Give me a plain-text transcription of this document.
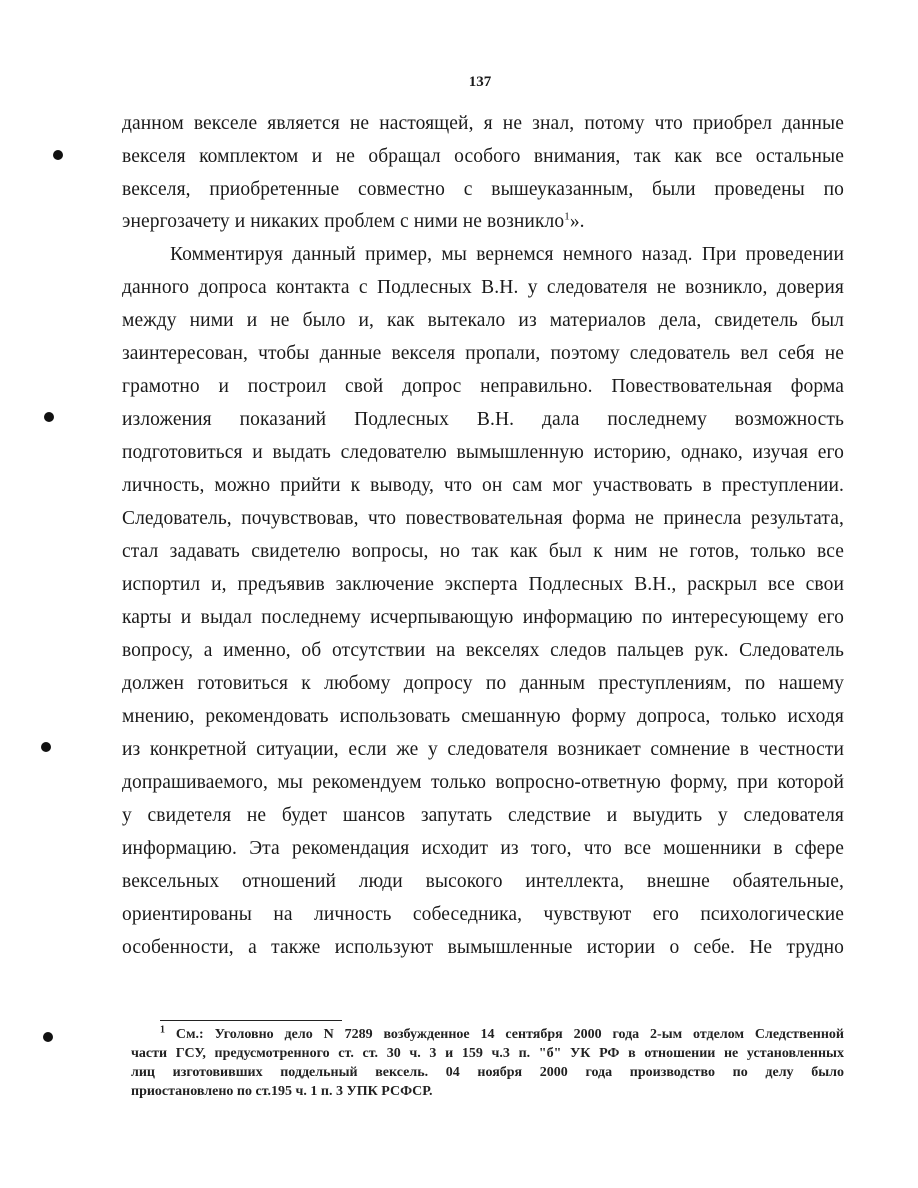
137
данном векселе является не настоящей, я не знал, потому что приобрел данные
векселя комплектом и не обращал особого внимания, так как все остальные
векселя, приобретенные совместно с вышеуказанным, были проведены по
энергозачету и никаких проблем с ними не возникло$^1$».
Комментируя данный пример, мы вернемся немного назад. При проведении
данного допроса контакта с Подлесных В.Н. у следователя не возникло, доверия
между ними и не было и, как вытекало из материалов дела, свидетель был
заинтересован, чтобы данные векселя пропали, поэтому следователь вел себя не
грамотно и построил свой допрос неправильно. Повествовательная форма
изложения показаний Подлесных В.Н. дала последнему возможность
подготовиться и выдать следователю вымышленную историю, однако, изучая его
личность, можно прийти к выводу, что он сам мог участвовать в преступлении.
Следователь, почувствовав, что повествовательная форма не принесла результата,
стал задавать свидетелю вопросы, но так как был к ним не готов, только все
испортил и, предъявив заключение эксперта Подлесных В.Н., раскрыл все свои
карты и выдал последнему исчерпывающую информацию по интересующему его
вопросу, а именно, об отсутствии на векселях следов пальцев рук. Следователь
должен готовиться к любому допросу по данным преступлениям, по нашему
мнению, рекомендовать использовать смешанную форму допроса, только исходя
из конкретной ситуации, если же у следователя возникает сомнение в честности
допрашиваемого, мы рекомендуем только вопросно-ответную форму, при которой
у свидетеля не будет шансов запутать следствие и выудить у следователя
информацию. Эта рекомендация исходит из того, что все мошенники в сфере
вексельных отношений люди высокого интеллекта, внешне обаятельные,
ориентированы на личность собеседника, чувствуют его психологические
особенности, а также используют вымышленные истории о себе. Не трудно
$^1$ См.: Уголовно дело N 7289 возбужденное 14 сентября 2000 года 2-ым отделом Следственной
части ГСУ, предусмотренного ст. ст. 30 ч. 3 и 159 ч.3 п. "б" УК РФ в отношении не установленных
лиц изготовивших поддельный вексель. 04 ноября 2000 года производство по делу было
приостановлено по ст.195 ч. 1 п. 3 УПК РСФСР.
